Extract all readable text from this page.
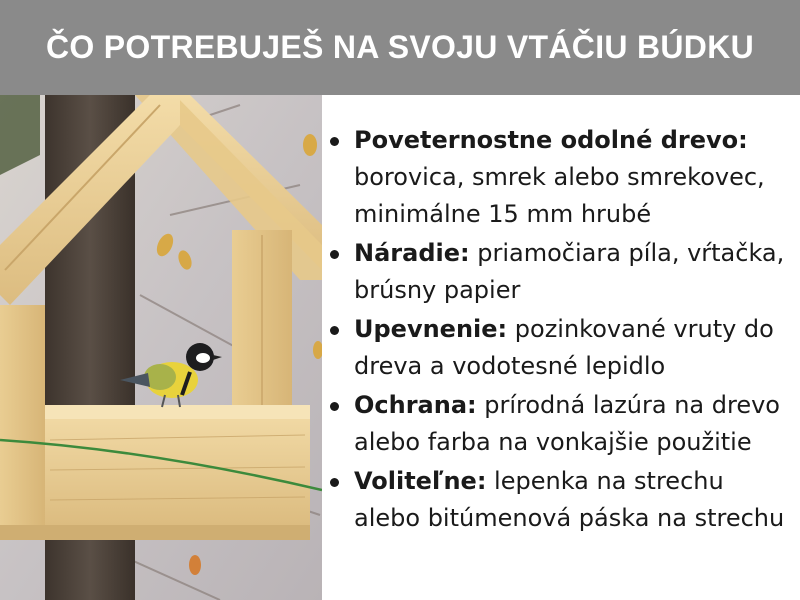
ČO POTREBUJEŠ NA SVOJU VTÁČIU BÚDKU
Poveternostne odolné drevo: borovica, smrek alebo smrekovec, minimálne 15 mm hrubé
Náradie: priamočiara píla, vŕtačka, brúsny papier
Upevnenie: pozinkované vruty do dreva a vodotesné lepidlo
Ochrana: prírodná lazúra na drevo alebo farba na vonkajšie použitie
Voliteľne: lepenka na strechu alebo bitúmenová páska na strechu
